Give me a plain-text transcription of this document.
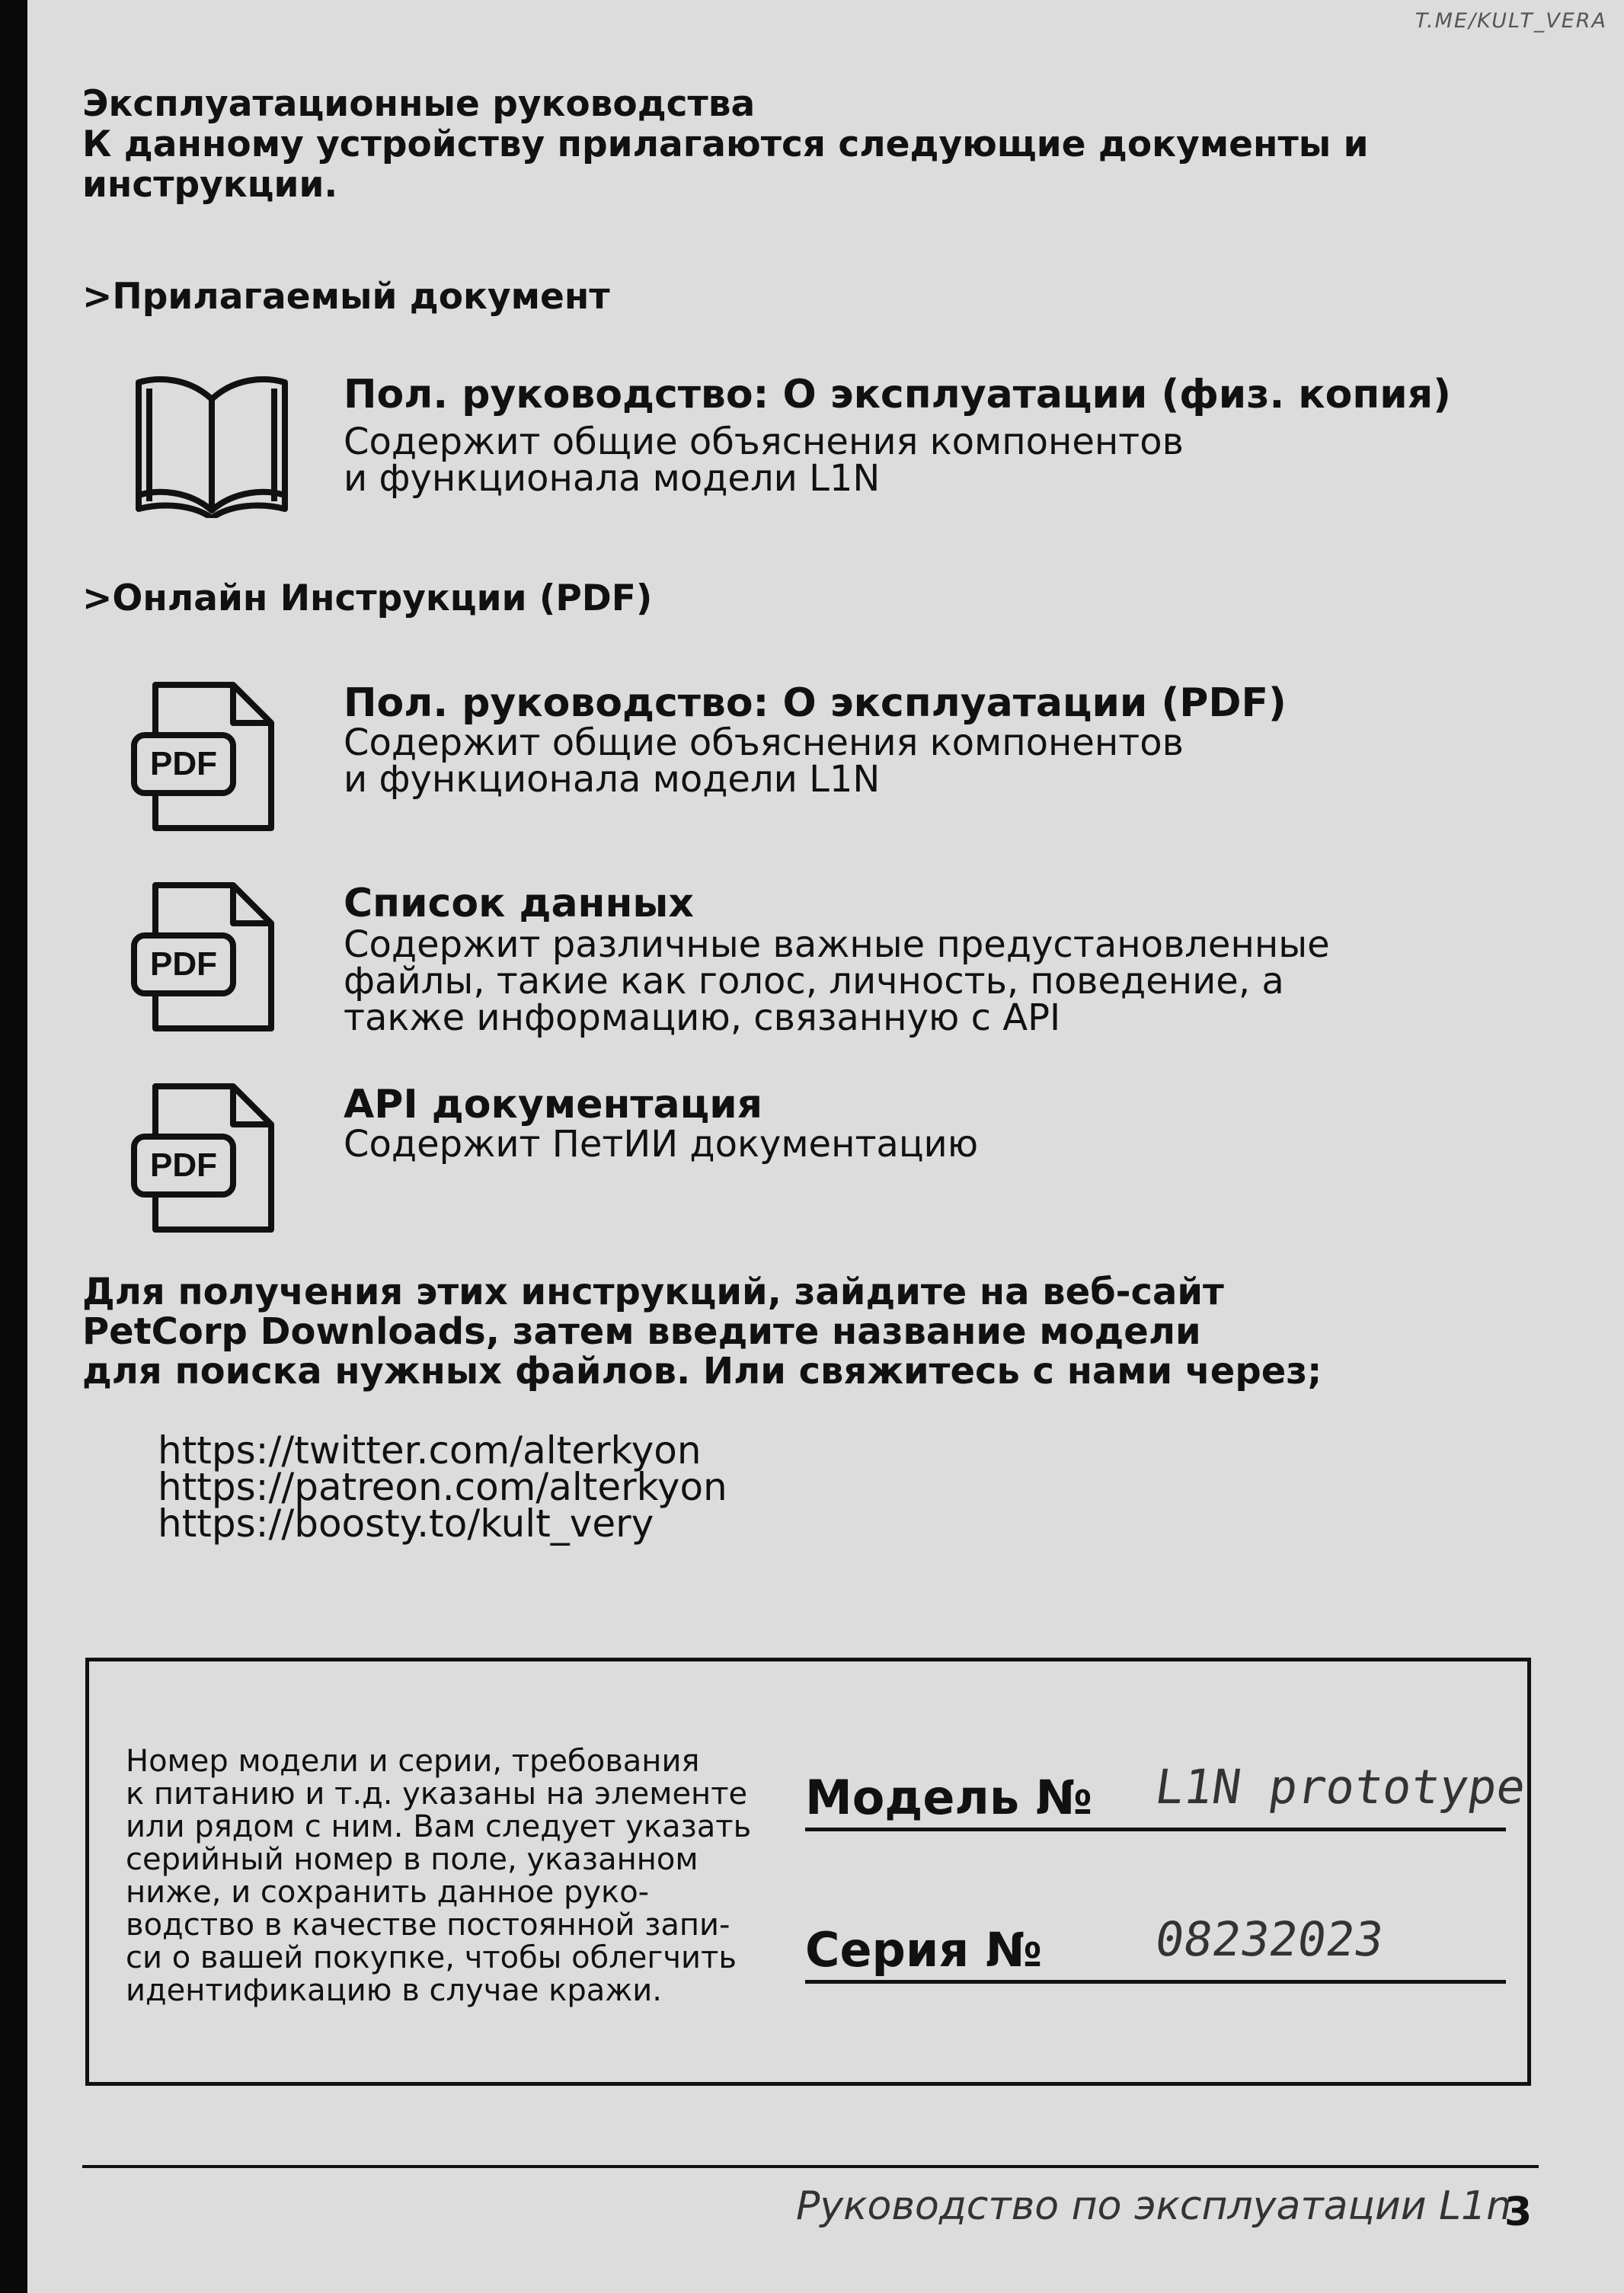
T.ME/KULT_VERA
Эксплуатационные руководства
К данному устройству прилагаются следующие документы и
инструкции.
>Прилагаемый документ
Пол. руководство: О эксплуатации (физ. копия)
Содержит общие объяснения компонентов
и функционала модели L1N
>Онлайн Инструкции (PDF)
PDF
Пол. руководство: О эксплуатации (PDF)
Содержит общие объяснения компонентов
и функционала модели L1N
PDF
Список данных
Содержит различные важные предустановленные
файлы, такие как голос, личность, поведение, а
также информацию, связанную с API
PDF
API документация
Содержит ПетИИ документацию
Для получения этих инструкций, зайдите на веб-сайт
PetCorp Downloads, затем введите название модели
для поиска нужных файлов. Или свяжитесь с нами через;
https://twitter.com/alterkyon
https://patreon.com/alterkyon
https://boosty.to/kult_very
Номер модели и серии, требования
к питанию и т.д. указаны на элементе
или рядом с ним. Вам следует указать
серийный номер в поле, указанном
ниже, и сохранить данное руко-
водство в качестве постоянной запи-
си о вашей покупке, чтобы облегчить
идентификацию в случае кражи.
Модель № L1N prototype
Серия № 08232023
Руководство по эксплуатации L1n
3
